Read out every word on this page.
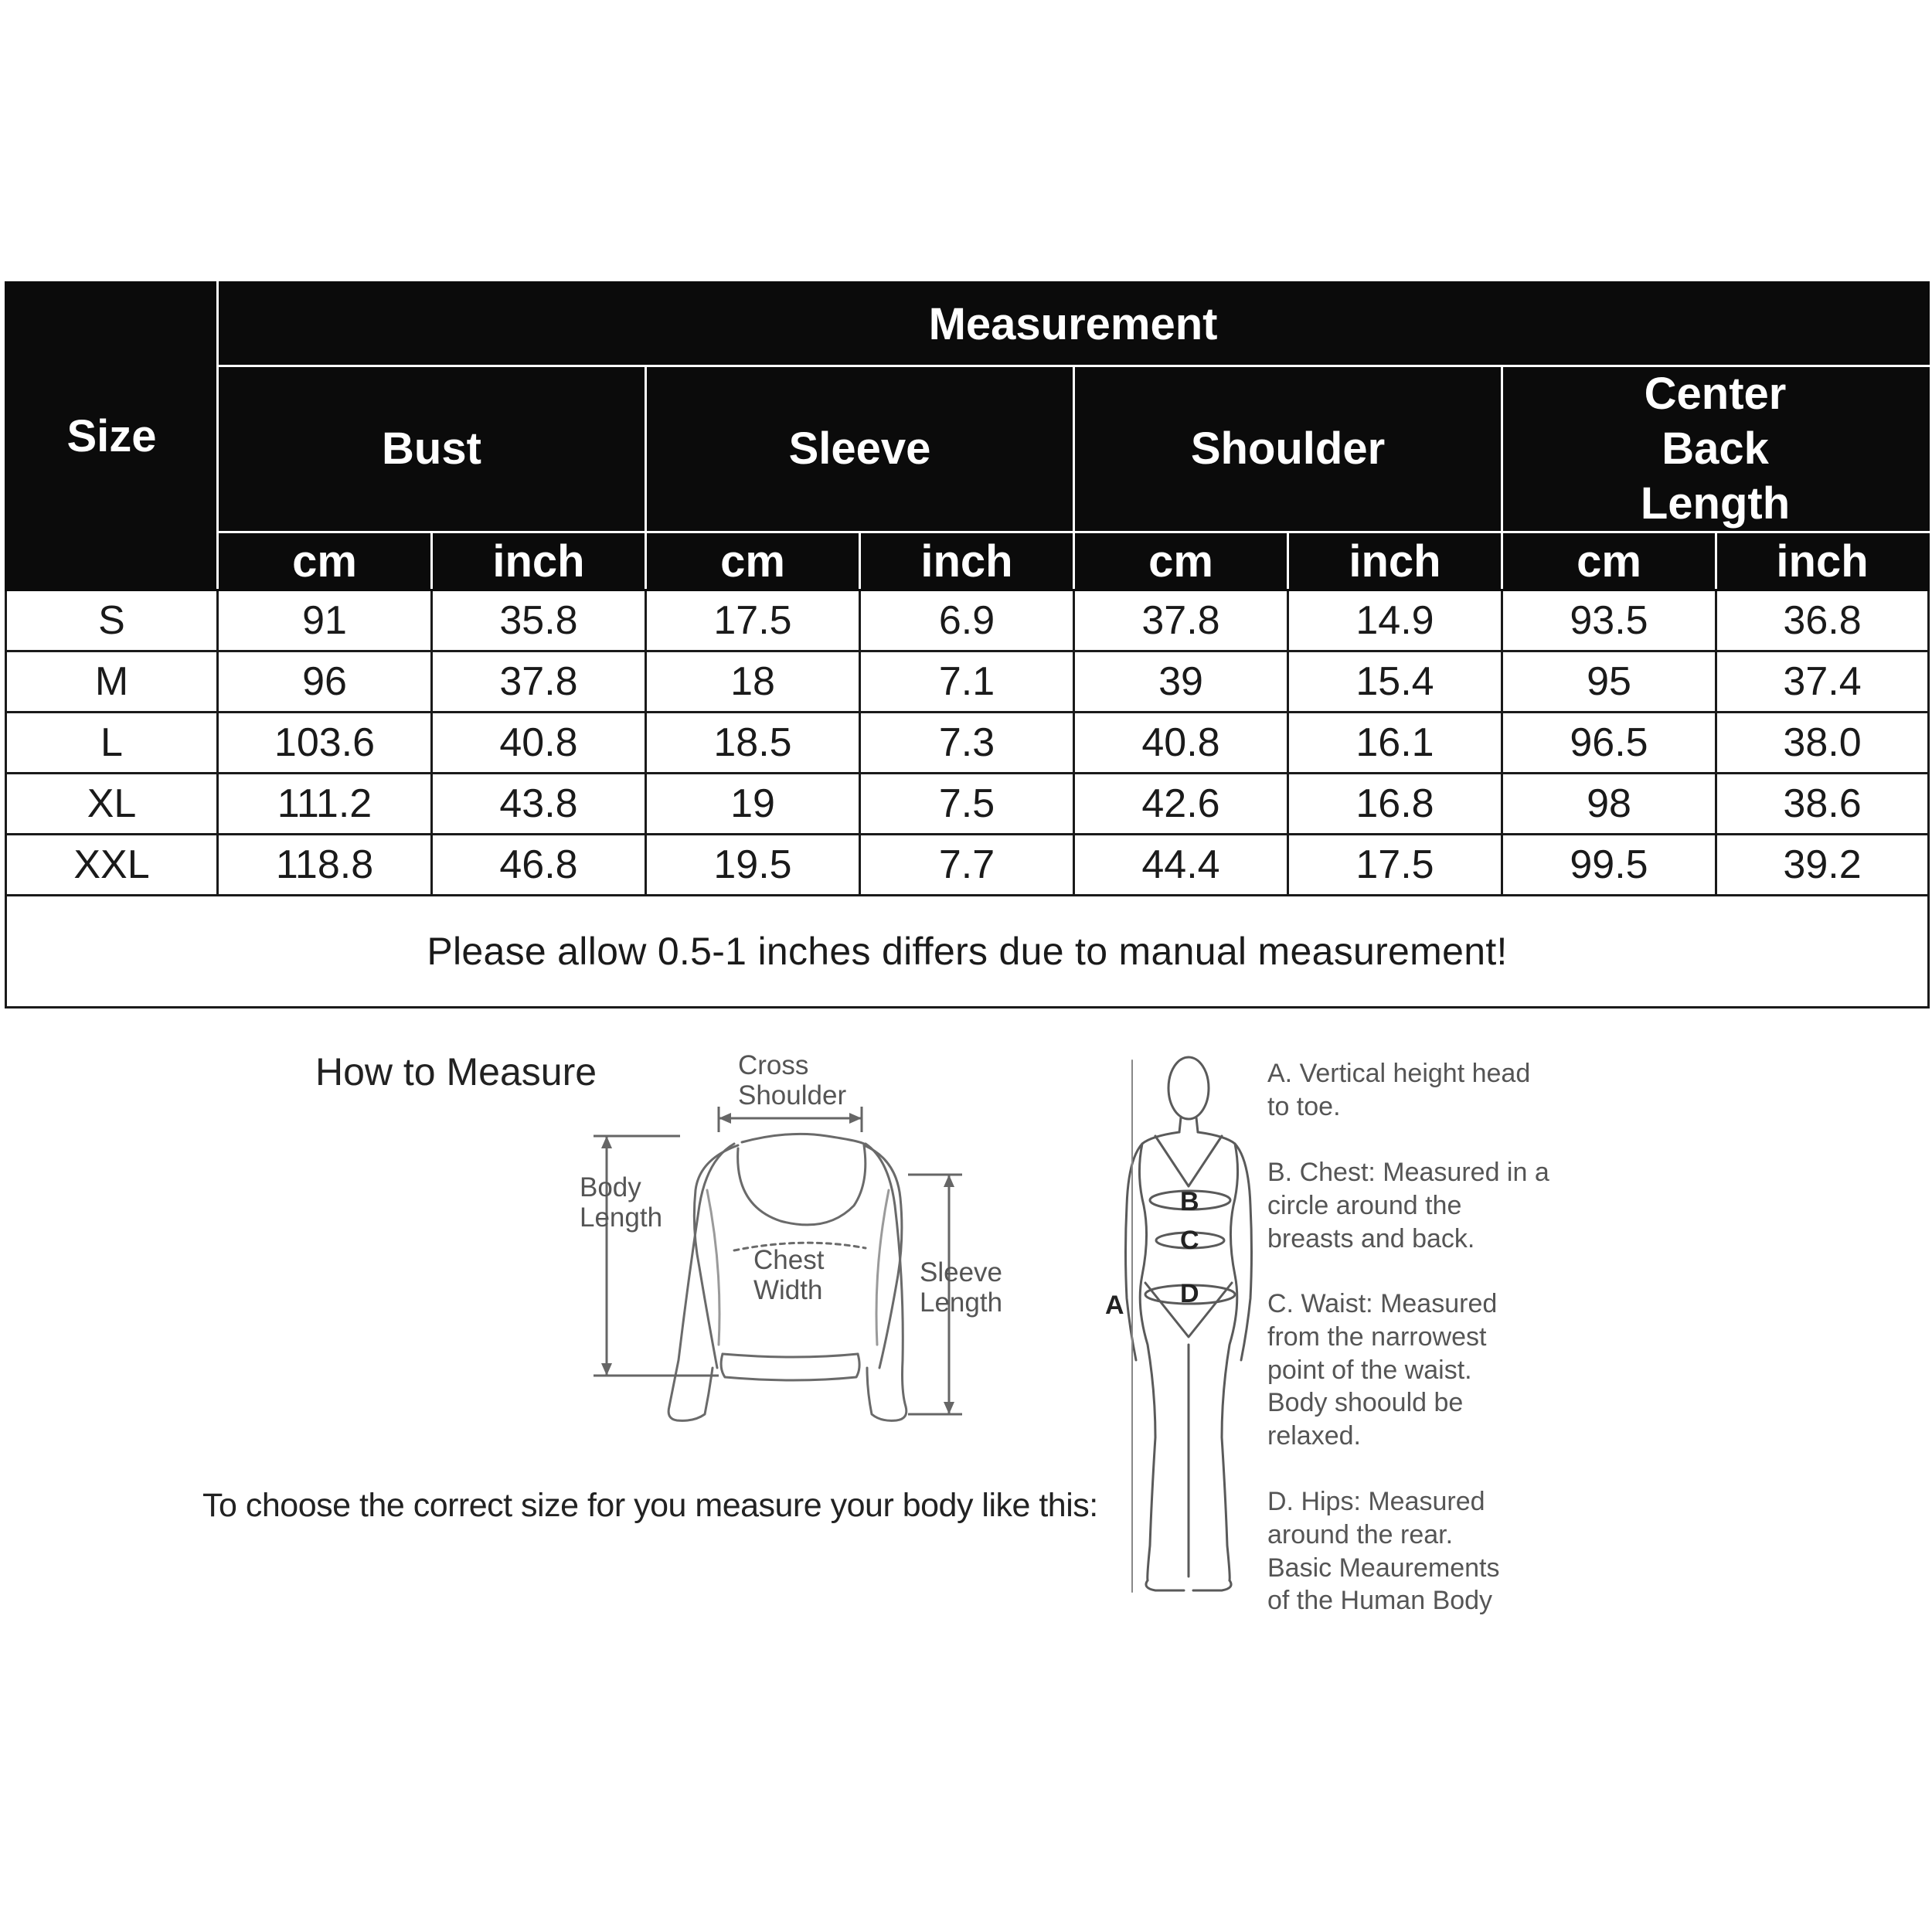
Size	Measurement							
	Bust		Sleeve		Shoulder		Center Back Length	
	cm	inch	cm	inch	cm	inch	cm	inch
S	91	35.8	17.5	6.9	37.8	14.9	93.5	36.8
M	96	37.8	18	7.1	39	15.4	95	37.4
L	103.6	40.8	18.5	7.3	40.8	16.1	96.5	38.0
XL	111.2	43.8	19	7.5	42.6	16.8	98	38.6
XXL	118.8	46.8	19.5	7.7	44.4	17.5	99.5	39.2
Please allow 0.5-1 inches differs due to manual measurement!								
How to Measure
To choose the correct size for you measure your body like this:
Cross
Shoulder
Body
Length
Chest
Width
Sleeve
Length
B
C
D
A
A. Vertical height head
to toe.
B. Chest: Measured in a
circle around the
breasts and back.
C. Waist: Measured
from the narrowest
point of the waist.
Body shoould be
relaxed.
D. Hips: Measured
around the rear.
Basic Meaurements
of the Human Body
